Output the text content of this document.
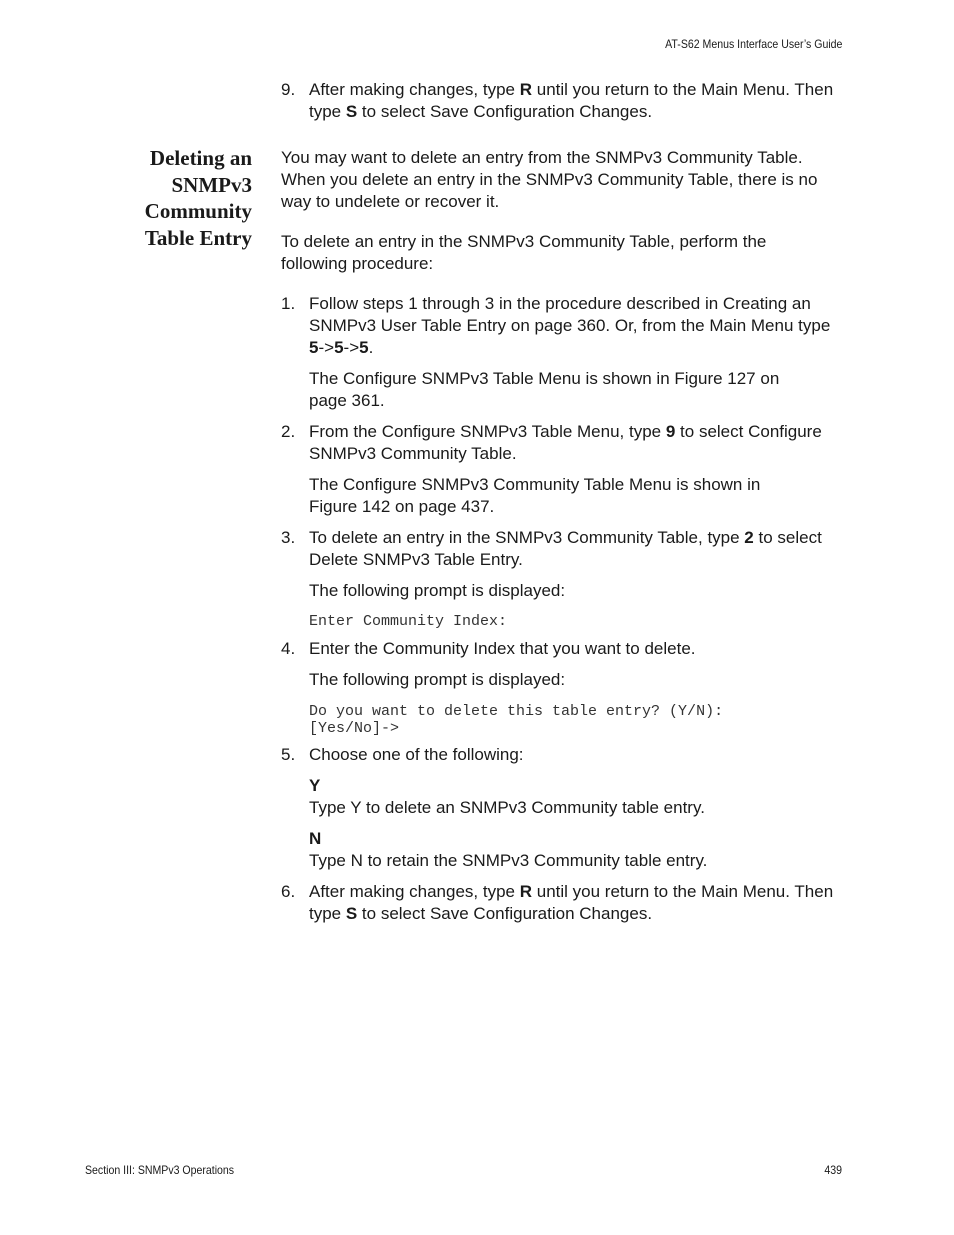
AT-S62 Menus Interface User’s Guide
9. After making changes, type R until you return to the Main Menu. Then type S to select Save Configuration Changes.
Deleting an
SNMPv3
Community
Table Entry
You may want to delete an entry from the SNMPv3 Community Table. When you delete an entry in the SNMPv3 Community Table, there is no way to undelete or recover it.
To delete an entry in the SNMPv3 Community Table, perform the following procedure:
1. Follow steps 1 through 3 in the procedure described in Creating an SNMPv3 User Table Entry on page 360. Or, from the Main Menu type 5->5->5.
The Configure SNMPv3 Table Menu is shown in Figure 127 on page 361.
2. From the Configure SNMPv3 Table Menu, type 9 to select Configure SNMPv3 Community Table.
The Configure SNMPv3 Community Table Menu is shown in Figure 142 on page 437.
3. To delete an entry in the SNMPv3 Community Table, type 2 to select Delete SNMPv3 Table Entry.
The following prompt is displayed:
Enter Community Index:
4. Enter the Community Index that you want to delete.
The following prompt is displayed:
Do you want to delete this table entry? (Y/N):
[Yes/No]->
5. Choose one of the following:
Y
Type Y to delete an SNMPv3 Community table entry.
N
Type N to retain the SNMPv3 Community table entry.
6. After making changes, type R until you return to the Main Menu. Then type S to select Save Configuration Changes.
Section III: SNMPv3 Operations	439
